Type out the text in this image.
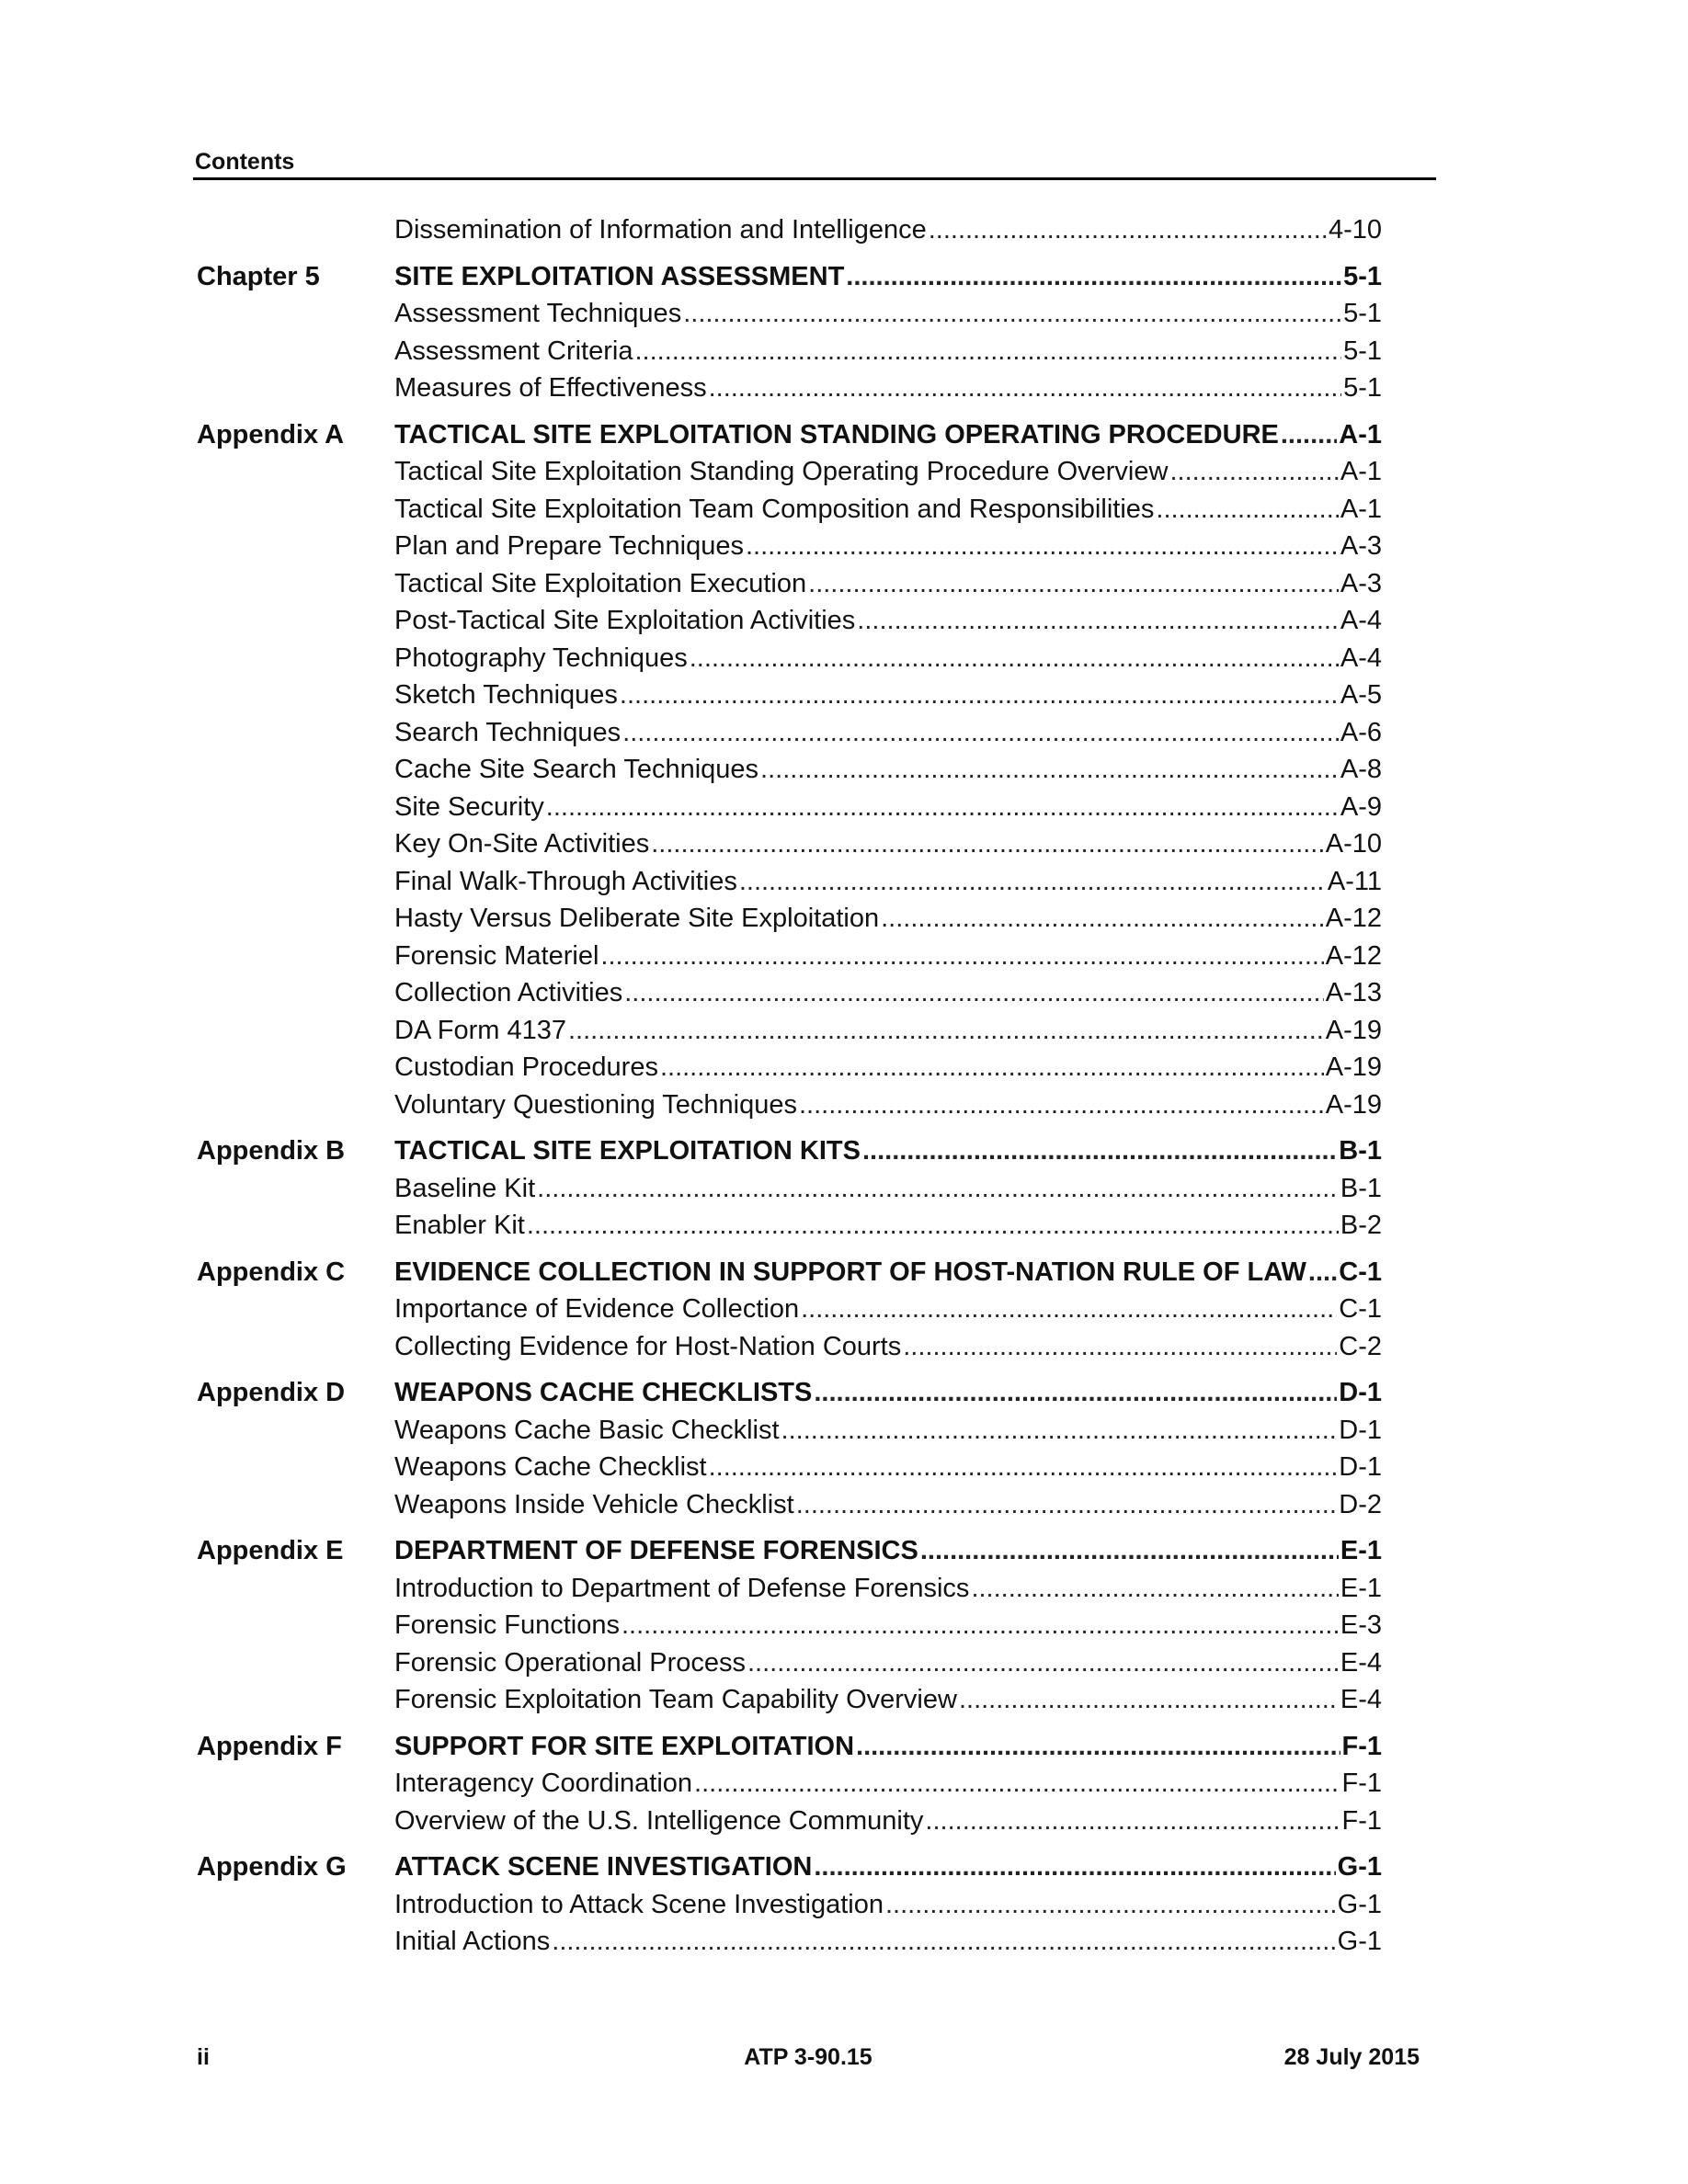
Contents
Dissemination of Information and Intelligence .....	4-10
Chapter 5	SITE EXPLOITATION ASSESSMENT .....	5-1
Assessment Techniques .....	5-1
Assessment Criteria .....	5-1
Measures of Effectiveness .....	5-1
Appendix A	TACTICAL SITE EXPLOITATION STANDING OPERATING PROCEDURE ..... A-1
Tactical Site Exploitation Standing Operating Procedure Overview .....	A-1
Tactical Site Exploitation Team Composition and Responsibilities .....	A-1
Plan and Prepare Techniques .....	A-3
Tactical Site Exploitation Execution .....	A-3
Post-Tactical Site Exploitation Activities .....	A-4
Photography Techniques .....	A-4
Sketch Techniques .....	A-5
Search Techniques .....	A-6
Cache Site Search Techniques .....	A-8
Site Security .....	A-9
Key On-Site Activities .....	A-10
Final Walk-Through Activities .....	A-11
Hasty Versus Deliberate Site Exploitation .....	A-12
Forensic Materiel .....	A-12
Collection Activities .....	A-13
DA Form 4137 .....	A-19
Custodian Procedures .....	A-19
Voluntary Questioning Techniques .....	A-19
Appendix B	TACTICAL SITE EXPLOITATION KITS .....	B-1
Baseline Kit .....	B-1
Enabler Kit .....	B-2
Appendix C	EVIDENCE COLLECTION IN SUPPORT OF HOST-NATION RULE OF LAW ..... C-1
Importance of Evidence Collection .....	C-1
Collecting Evidence for Host-Nation Courts .....	C-2
Appendix D	WEAPONS CACHE CHECKLISTS .....	D-1
Weapons Cache Basic Checklist .....	D-1
Weapons Cache Checklist .....	D-1
Weapons Inside Vehicle Checklist .....	D-2
Appendix E	DEPARTMENT OF DEFENSE FORENSICS .....	E-1
Introduction to Department of Defense Forensics .....	E-1
Forensic Functions .....	E-3
Forensic Operational Process .....	E-4
Forensic Exploitation Team Capability Overview .....	E-4
Appendix F	SUPPORT FOR SITE EXPLOITATION .....	F-1
Interagency Coordination .....	F-1
Overview of the U.S. Intelligence Community .....	F-1
Appendix G	ATTACK SCENE INVESTIGATION .....	G-1
Introduction to Attack Scene Investigation .....	G-1
Initial Actions .....	G-1
ii	ATP 3-90.15	28 July 2015
